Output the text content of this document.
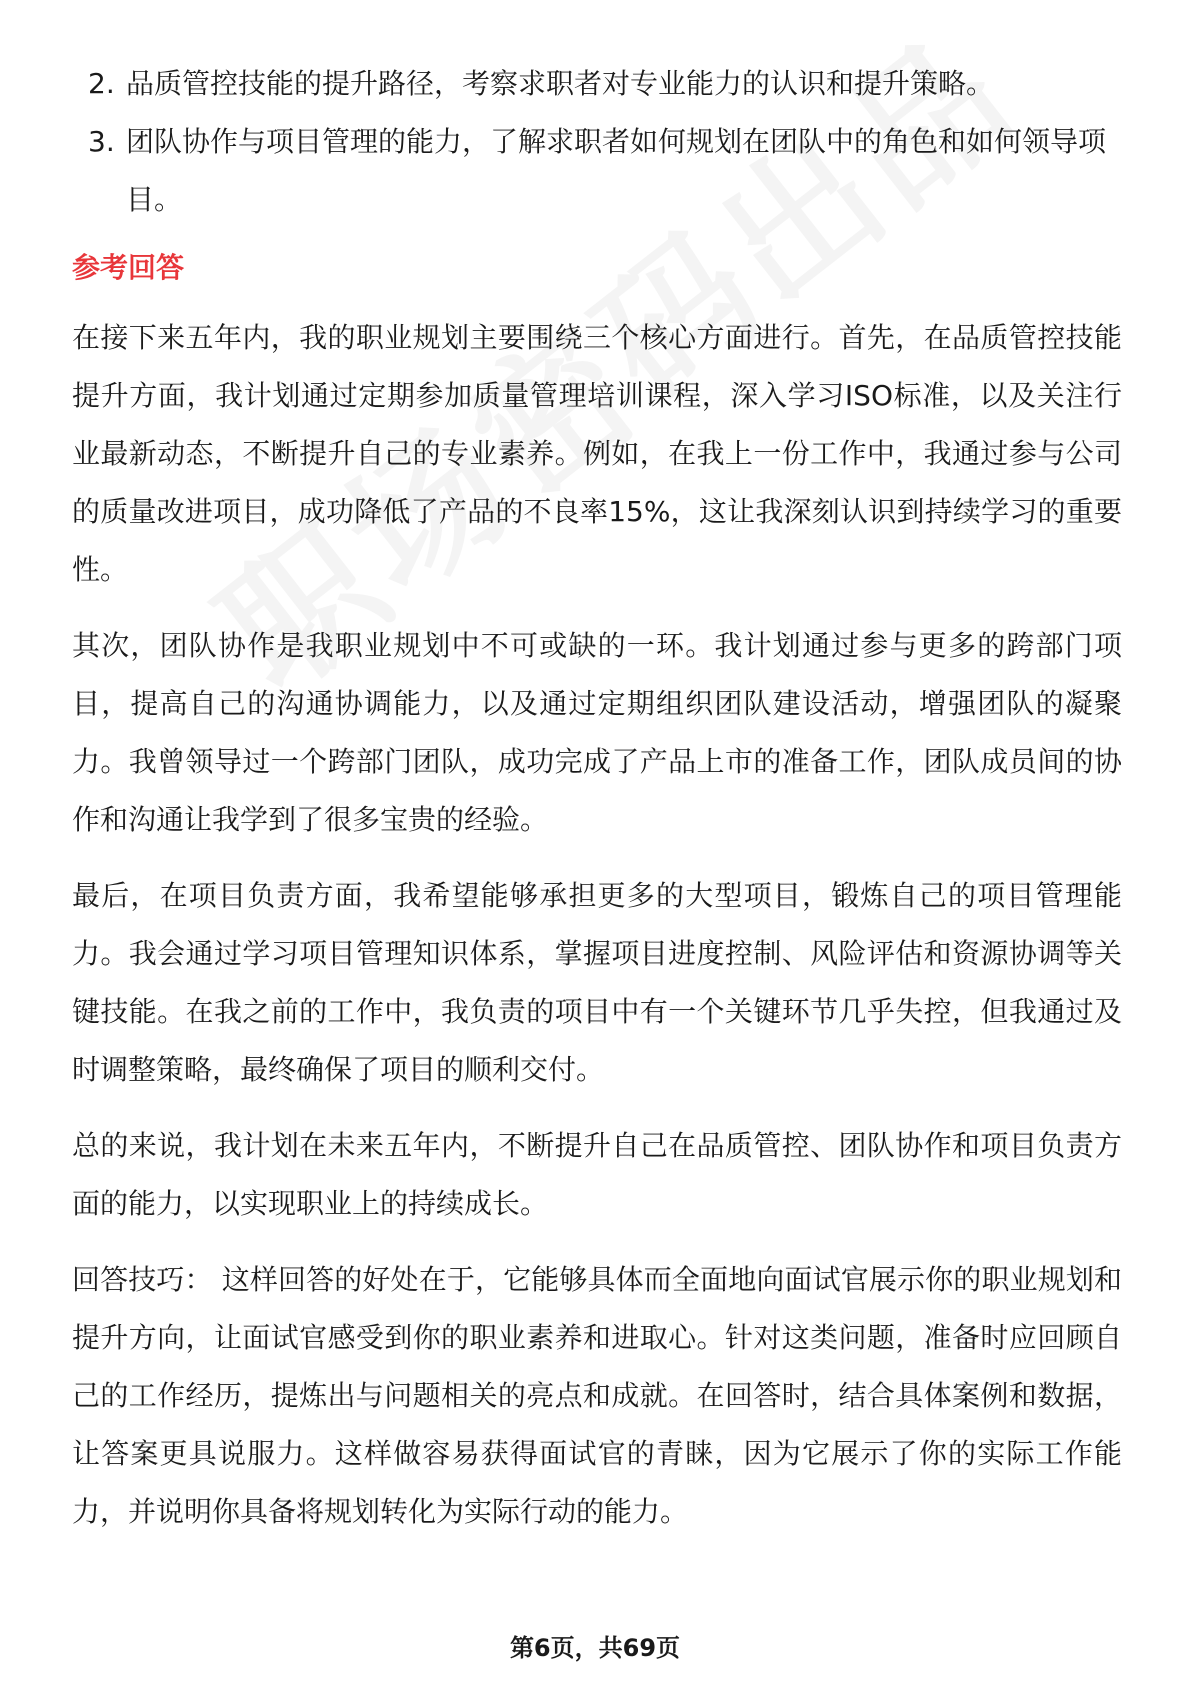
2. 品质管控技能的提升路径，考察求职者对专业能力的认识和提升策略。
3. 团队协作与项目管理的能力，了解求职者如何规划在团队中的角色和如何领导项目。
参考回答

在接下来五年内，我的职业规划主要围绕三个核心方面进行。首先，在品质管控技能提升方面，我计划通过定期参加质量管理培训课程，深入学习ISO标准，以及关注行业最新动态，不断提升自己的专业素养。例如，在我上一份工作中，我通过参与公司的质量改进项目，成功降低了产品的不良率15%，这让我深刻认识到持续学习的重要性。

其次，团队协作是我职业规划中不可或缺的一环。我计划通过参与更多的跨部门项目，提高自己的沟通协调能力，以及通过定期组织团队建设活动，增强团队的凝聚力。我曾领导过一个跨部门团队，成功完成了产品上市的准备工作，团队成员间的协作和沟通让我学到了很多宝贵的经验。

最后，在项目负责方面，我希望能够承担更多的大型项目，锻炼自己的项目管理能力。我会通过学习项目管理知识体系，掌握项目进度控制、风险评估和资源协调等关键技能。在我之前的工作中，我负责的项目中有一个关键环节几乎失控，但我通过及时调整策略，最终确保了项目的顺利交付。

总的来说，我计划在未来五年内，不断提升自己在品质管控、团队协作和项目负责方面的能力，以实现职业上的持续成长。

回答技巧： 这样回答的好处在于，它能够具体而全面地向面试官展示你的职业规划和提升方向，让面试官感受到你的职业素养和进取心。针对这类问题，准备时应回顾自己的工作经历，提炼出与问题相关的亮点和成就。在回答时，结合具体案例和数据，让答案更具说服力。这样做容易获得面试官的青睐，因为它展示了你的实际工作能力，并说明你具备将规划转化为实际行动的能力。

第6页，共69页
